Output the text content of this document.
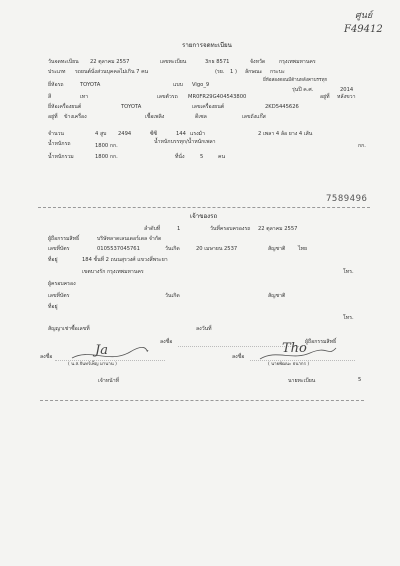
ศูนย์
F49412
รายการจดทะเบียน
วันจดทะเบียน 22 ตุลาคม 2557	เลขทะเบียน	3กธ 8571	จังหวัด	กรุงเทพมหานคร
ประเภท รถยนต์นั่งส่วนบุคคลไม่เกิน 7 คน	(รย. 1 ) ลักษณะ กระบะ
ยี่ห้อสองตอนมีด้านหลังคาบรรทุก
ยี่ห้อรถ	TOYOTA	แบบ Vigo_9
รุ่นปี ค.ศ.	2014
สี	เทา	เลขตัวรถ MR0FR29G404543800	อยู่ที่ หลังขวา
ยี่ห้อเครื่องยนต์	TOYOTA	เลขเครื่องยนต์	2KD5445626
อยู่ที่ ข้างเครื่อง	เชื้อเพลิง	ดีเซล	เลขถังแก๊ส
จำนวน	4 สูบ 2494	ซีซี	144 แรงม้า	2 เพลา 4 ล้อ ยาง 4 เส้น
น้ำหนักรถ	1800 กก.
น้ำหนักบรรทุก/น้ำหนักเพลา
กก.
น้ำหนักรวม	1800 กก.	ที่นั่ง	5	คน
7589496
เจ้าของรถ
ลำดับที่	1	วันที่ครอบครองรถ 22 ตุลาคม 2557
ผู้ถือกรรมสิทธิ์	บริษัทลาดเลนเดอร์เดล จำกัด
เลขที่บัตร	0105537045761	วันเกิด	20 เมษายน 2537	สัญชาติ ไทย
ที่อยู่	184 ชั้นที่ 2 ถนนสุรวงศ์ แขวงสี่พระยา
เขตบางรัก กรุงเทพมหานคร	โทร.
ผู้ครอบครอง
เลขที่บัตร	วันเกิด	สัญชาติ
ที่อยู่
โทร.
สัญญาเช่าซื้อเลขที่	ลงวันที่
ลงชื่อ	ผู้ถือกรรมสิทธิ์
ลงชื่อ	Ja
( น.ส.จันทร์เพ็ญ มานาน )
เจ้าหน้าที่
ลงชื่อ
Tho
( นายพัฒนะ ธนากร )
นายทะเบียน	5
